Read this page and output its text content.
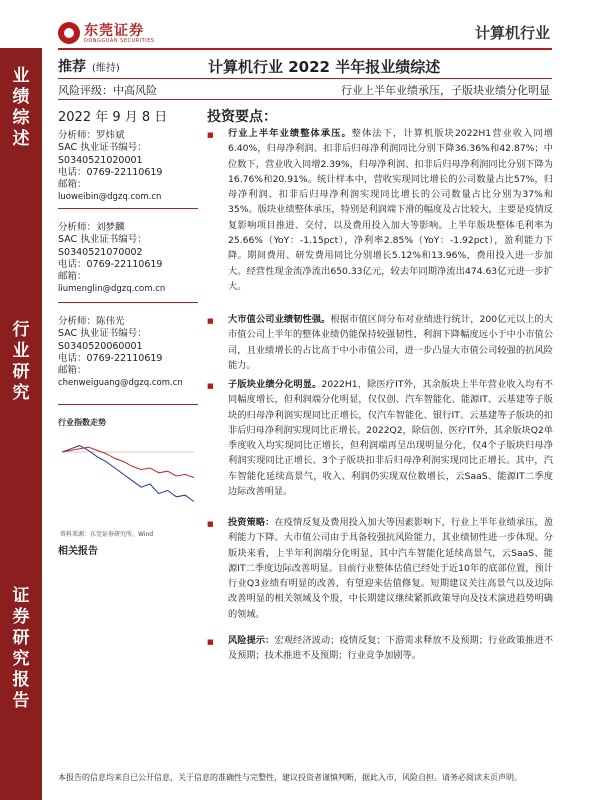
东莞证券
DONGGUAN SECURITIES	计算机行业
业
绩
综
述
行
业
研
究
证
券
研
究
报
告
推荐 (维持)	计算机行业 2022 半年报业绩综述
风险评级：中高风险	行业上半年业绩承压，子版块业绩分化明显
2022 年 9 月 8 日	投资要点：
分析师：罗炜斌
SAC 执业证书编号：
S0340521020001
电话：0769-22110619
邮箱：
luoweibin@dgzq.com.cn
分析师：刘梦麟
SAC 执业证书编号：
S0340521070002
电话：0769-22110619
邮箱：
liumenglin@dgzq.com.cn
分析师：陈伟光
SAC 执业证书编号：
S0340520060001
电话：0769-22110619
邮箱：
chenweiguang@dgzq.com.cn
行业指数走势
资料来源：东莞证券研究所，Wind
相关报告
■ 行业上半年业绩整体承压。整体法下，计算机版块2022H1营业收入同增6.40%，归母净利润、扣非后归母净利润同比分别下降36.36%和42.87%；中位数下，营业收入同增2.39%，归母净利润、扣非后归母净利润同比分别下降为16.76%和20.91%。统计样本中，营收实现同比增长的公司数量占比57%，归母净利润、扣非后归母净利润实现同比增长的公司数量占比分别为37%和35%。版块业绩整体承压，特别是利润端下滑的幅度及占比较大，主要是疫情反复影响项目推进、交付，以及费用投入加大等影响。上半年版块整体毛利率为25.66%（YoY：-1.15pct），净利率2.85%（YoY：-1.92pct），盈利能力下降。期间费用、研发费用同比分别增长5.12%和13.96%，费用投入进一步加大。经营性现金流净流出650.33亿元，较去年同期净流出474.63亿元进一步扩大。
■ 大市值公司业绩韧性强。根据市值区间分布对业绩进行统计，200亿元以上的大市值公司上半年的整体业绩仍能保持较强韧性，利润下降幅度远小于中小市值公司，且业绩增长的占比高于中小市值公司，进一步凸显大市值公司较强的抗风险能力。
■ 子版块业绩分化明显。2022H1，除医疗IT外，其余版块上半年营业收入均有不同幅度增长，但利润端分化明显，仅仅创、汽车智能化、能源IT、云基建等子版块的归母净利润实现同比正增长，仅汽车智能化、银行IT、云基建等子版块的扣非后归母净利润实现同比正增长。2022Q2，除信创、医疗IT外，其余版块Q2单季度收入均实现同比正增长，但利润端再呈出现明显分化，仅4个子版块归母净利润实现同比正增长、3个子版块扣非后归母净利润实现同比正增长。其中，汽车智能化延续高景气，收入、利润仍实现双位数增长，云SaaS、能源IT二季度边际改善明显。
■ 投资策略：在疫情反复及费用投入加大等因素影响下，行业上半年业绩承压，盈利能力下降。大市值公司由于具备较强抗风险能力，其业绩韧性进一步体现。分版块来看，上半年利润端分化明显，其中汽车智能化延续高景气，云SaaS、能源IT二季度边际改善明显。目前行业整体估值已经处于近10年的底部位置，预计行业Q3业绩有明显的改善，有望迎来估值修复。短期建议关注高景气以及边际改善明显的相关领域及个股，中长期建议继续紧抓政策导向及技术演进趋势明确的领域。
■ 风险提示：宏观经济波动；疫情反复；下游需求释放不及预期；行业政策推进不及预期；技术推进不及预期；行业竞争加剧等。
本报告的信息均来自已公开信息，关于信息的准确性与完整性，建议投资者谨慎判断，据此入市，风险自担。请务必阅读末页声明。
